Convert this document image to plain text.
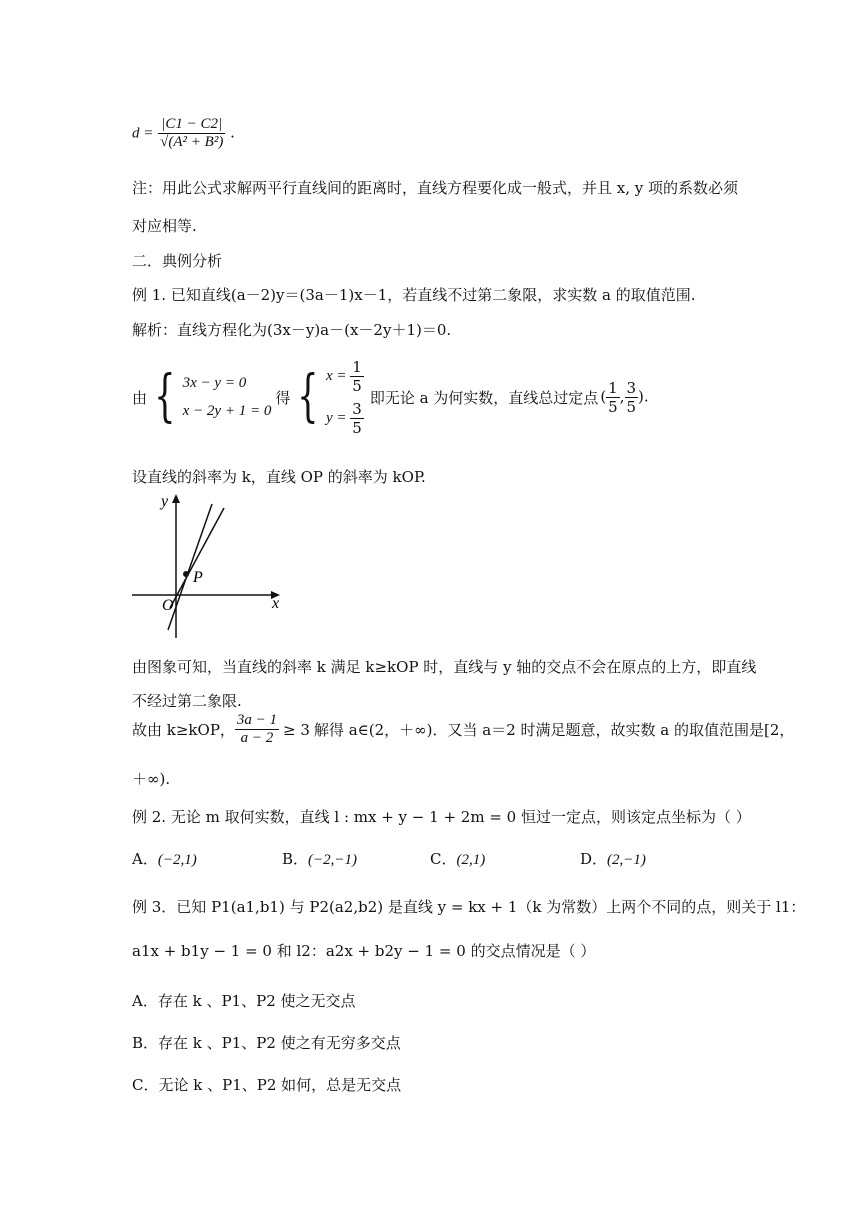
$d = \frac{|C1 - C2|}{\text{√(A² + B²)}}$ .
注：用此公式求解两平行直线间的距离时，直线方程要化成一般式，并且 x, y 项的系数必须
对应相等.
二．典例分析
例 1. 已知直线(a－2)y＝(3a－1)x－1，若直线不过第二象限，求实数 a 的取值范围.
解析：直线方程化为(3x－y)a－(x－2y＋1)＝0.
由 { 3x − y = 0
x − 2y + 1 = 0
得 { $x = \frac{1}{5}$
$y = \frac{3}{5}$
即无论 a 为何实数，直线总过定点 ( $\frac{1}{5}$ , $\frac{3}{5}$ ).
设直线的斜率为 k，直线 OP 的斜率为 kOP.
y
x
O
P
由图象可知，当直线的斜率 k 满足 k≥kOP 时，直线与 y 轴的交点不会在原点的上方，即直线
不经过第二象限.
故由 k≥kOP， $\frac{3a - 1}{a - 2} \ge 3$ 解得 a∈(2，＋∞)．又当 a＝2 时满足题意，故实数 a 的取值范围是[2，
＋∞).
例 2. 无论 m 取何实数，直线 l : mx + y − 1 + 2m = 0 恒过一定点，则该定点坐标为（ ）
A．(−2,1)	B．(−2,−1)	C．(2,1)	D．(2,−1)
例 3．已知 P1(a1,b1) 与 P2(a2,b2) 是直线 y = kx + 1（k 为常数）上两个不同的点，则关于 l1：
a1x + b1y − 1 = 0 和 l2：a2x + b2y − 1 = 0 的交点情况是（ ）
A．存在 k 、P1、P2 使之无交点
B．存在 k 、P1、P2 使之有无穷多交点
C．无论 k 、P1、P2 如何，总是无交点
